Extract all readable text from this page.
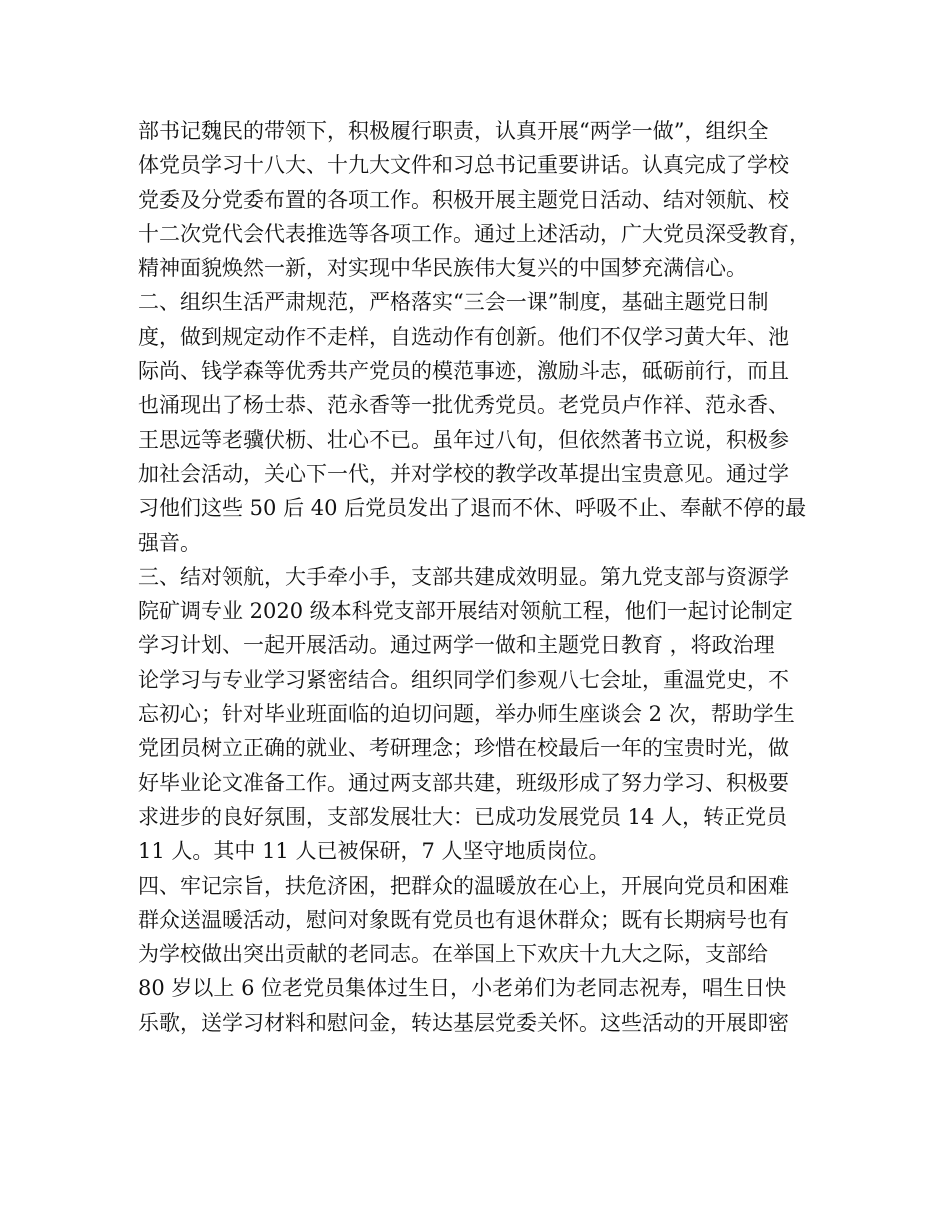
部书记魏民的带领下，积极履行职责，认真开展“两学一做”，组织全
体党员学习十八大、十九大文件和习总书记重要讲话。认真完成了学校
党委及分党委布置的各项工作。积极开展主题党日活动、结对领航、校
十二次党代会代表推选等各项工作。通过上述活动，广大党员深受教育，
精神面貌焕然一新，对实现中华民族伟大复兴的中国梦充满信心。
二、组织生活严肃规范，严格落实“三会一课”制度，基础主题党日制
度，做到规定动作不走样，自选动作有创新。他们不仅学习黄大年、池
际尚、钱学森等优秀共产党员的模范事迹，激励斗志，砥砺前行，而且
也涌现出了杨士恭、范永香等一批优秀党员。老党员卢作祥、范永香、
王思远等老骥伏枥、壮心不已。虽年过八旬，但依然著书立说，积极参
加社会活动，关心下一代，并对学校的教学改革提出宝贵意见。通过学
习他们这些 50 后 40 后党员发出了退而不休、呼吸不止、奉献不停的最
强音。
三、结对领航，大手牵小手，支部共建成效明显。第九党支部与资源学
院矿调专业 2020 级本科党支部开展结对领航工程，他们一起讨论制定
学习计划、一起开展活动。通过两学一做和主题党日教育 ，将政治理
论学习与专业学习紧密结合。组织同学们参观八七会址，重温党史，不
忘初心；针对毕业班面临的迫切问题，举办师生座谈会 2 次，帮助学生
党团员树立正确的就业、考研理念；珍惜在校最后一年的宝贵时光，做
好毕业论文准备工作。通过两支部共建，班级形成了努力学习、积极要
求进步的良好氛围，支部发展壮大：已成功发展党员 14 人，转正党员
11 人。其中 11 人已被保研，7 人坚守地质岗位。
四、牢记宗旨，扶危济困，把群众的温暖放在心上，开展向党员和困难
群众送温暖活动，慰问对象既有党员也有退休群众；既有长期病号也有
为学校做出突出贡献的老同志。在举国上下欢庆十九大之际，支部给
80 岁以上 6 位老党员集体过生日，小老弟们为老同志祝寿，唱生日快
乐歌，送学习材料和慰问金，转达基层党委关怀。这些活动的开展即密
